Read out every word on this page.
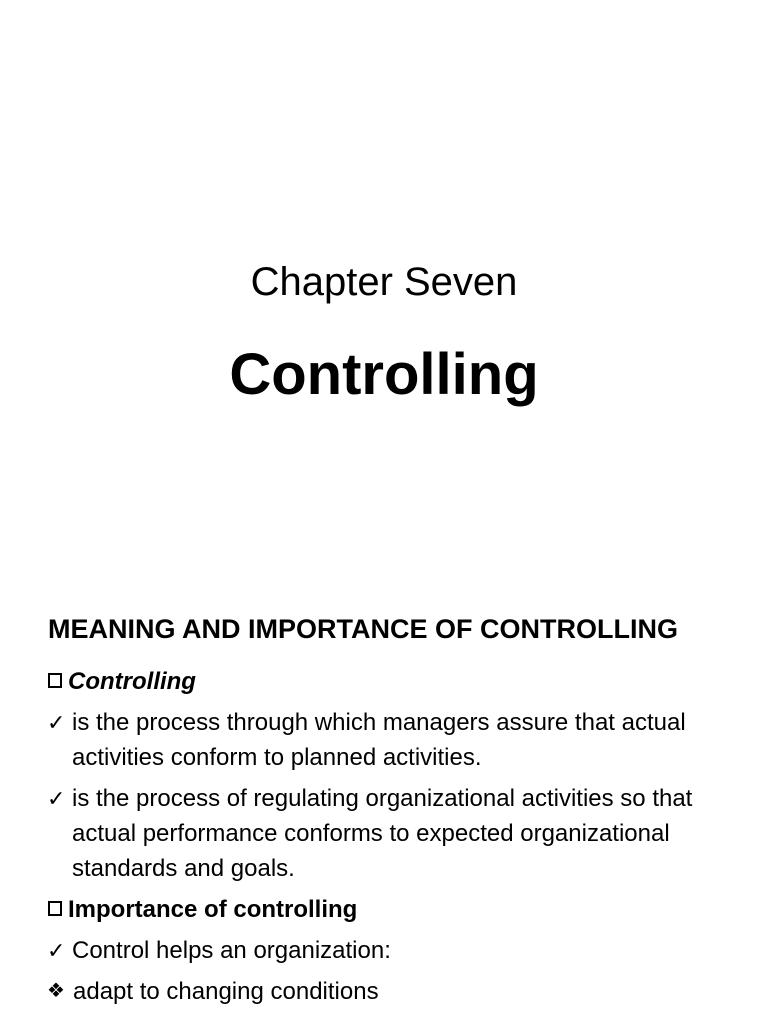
Chapter Seven
Controlling
MEANING AND IMPORTANCE OF CONTROLLING
Controlling
✓ is the process through which managers assure that actual activities conform to planned activities.
✓ is the process of regulating organizational activities so that actual performance conforms to expected organizational standards and goals.
Importance of controlling
✓ Control helps an organization:
❖ adapt to changing conditions
